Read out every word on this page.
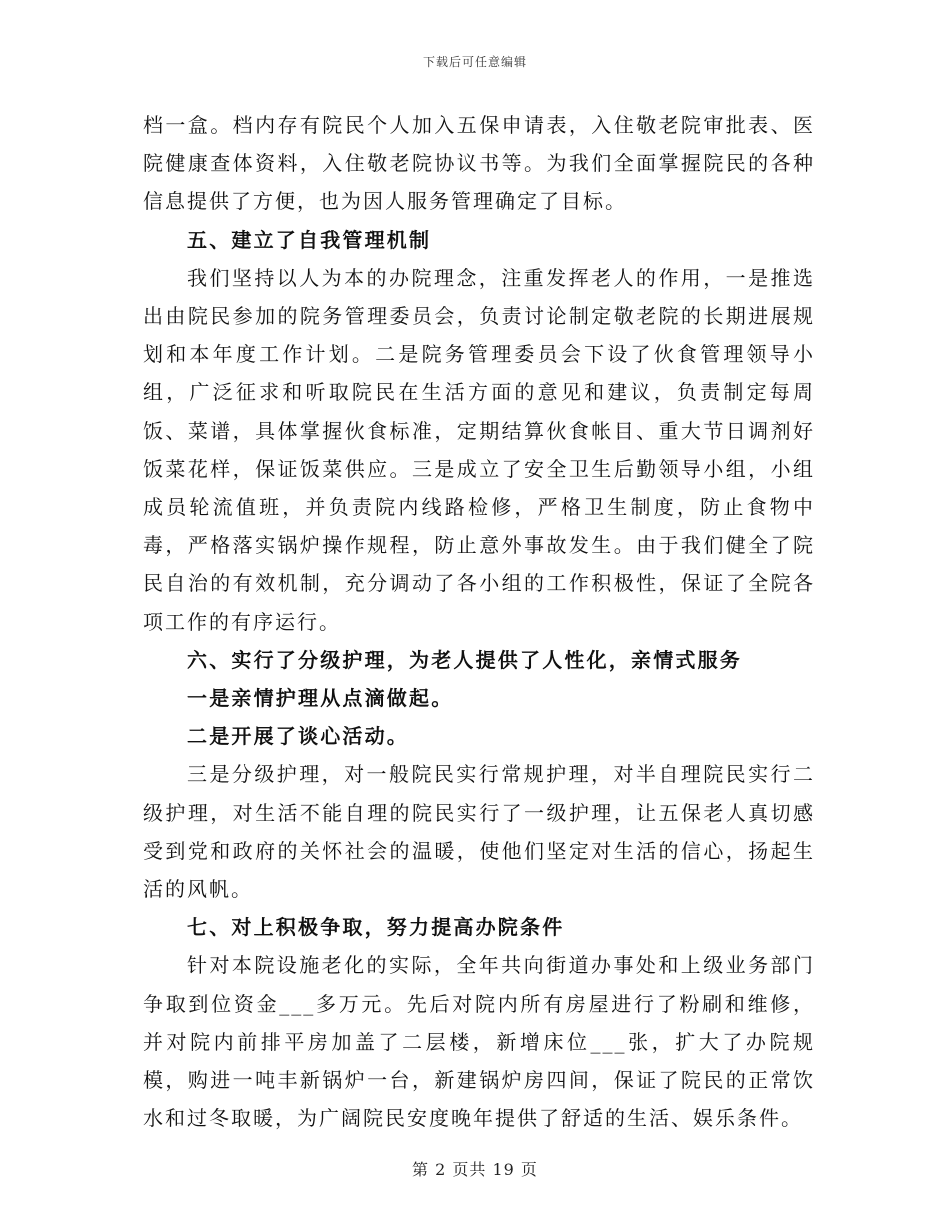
下载后可任意编辑

档一盒。档内存有院民个人加入五保申请表，入住敬老院审批表、医院健康查体资料，入住敬老院协议书等。为我们全面掌握院民的各种信息提供了方便，也为因人服务管理确定了目标。

五、建立了自我管理机制

我们坚持以人为本的办院理念，注重发挥老人的作用，一是推选出由院民参加的院务管理委员会，负责讨论制定敬老院的长期进展规划和本年度工作计划。二是院务管理委员会下设了伙食管理领导小组，广泛征求和听取院民在生活方面的意见和建议，负责制定每周饭、菜谱，具体掌握伙食标准，定期结算伙食帐目、重大节日调剂好饭菜花样，保证饭菜供应。三是成立了安全卫生后勤领导小组，小组成员轮流值班，并负责院内线路检修，严格卫生制度，防止食物中毒，严格落实锅炉操作规程，防止意外事故发生。由于我们健全了院民自治的有效机制，充分调动了各小组的工作积极性，保证了全院各项工作的有序运行。

六、实行了分级护理，为老人提供了人性化，亲情式服务

一是亲情护理从点滴做起。

二是开展了谈心活动。

三是分级护理，对一般院民实行常规护理，对半自理院民实行二级护理，对生活不能自理的院民实行了一级护理，让五保老人真切感受到党和政府的关怀社会的温暖，使他们坚定对生活的信心，扬起生活的风帆。

七、对上积极争取，努力提高办院条件

针对本院设施老化的实际，全年共向街道办事处和上级业务部门争取到位资金___多万元。先后对院内所有房屋进行了粉刷和维修，并对院内前排平房加盖了二层楼，新增床位___张，扩大了办院规模，购进一吨丰新锅炉一台，新建锅炉房四间，保证了院民的正常饮水和过冬取暖，为广阔院民安度晚年提供了舒适的生活、娱乐条件。

第 2 页共 19 页
